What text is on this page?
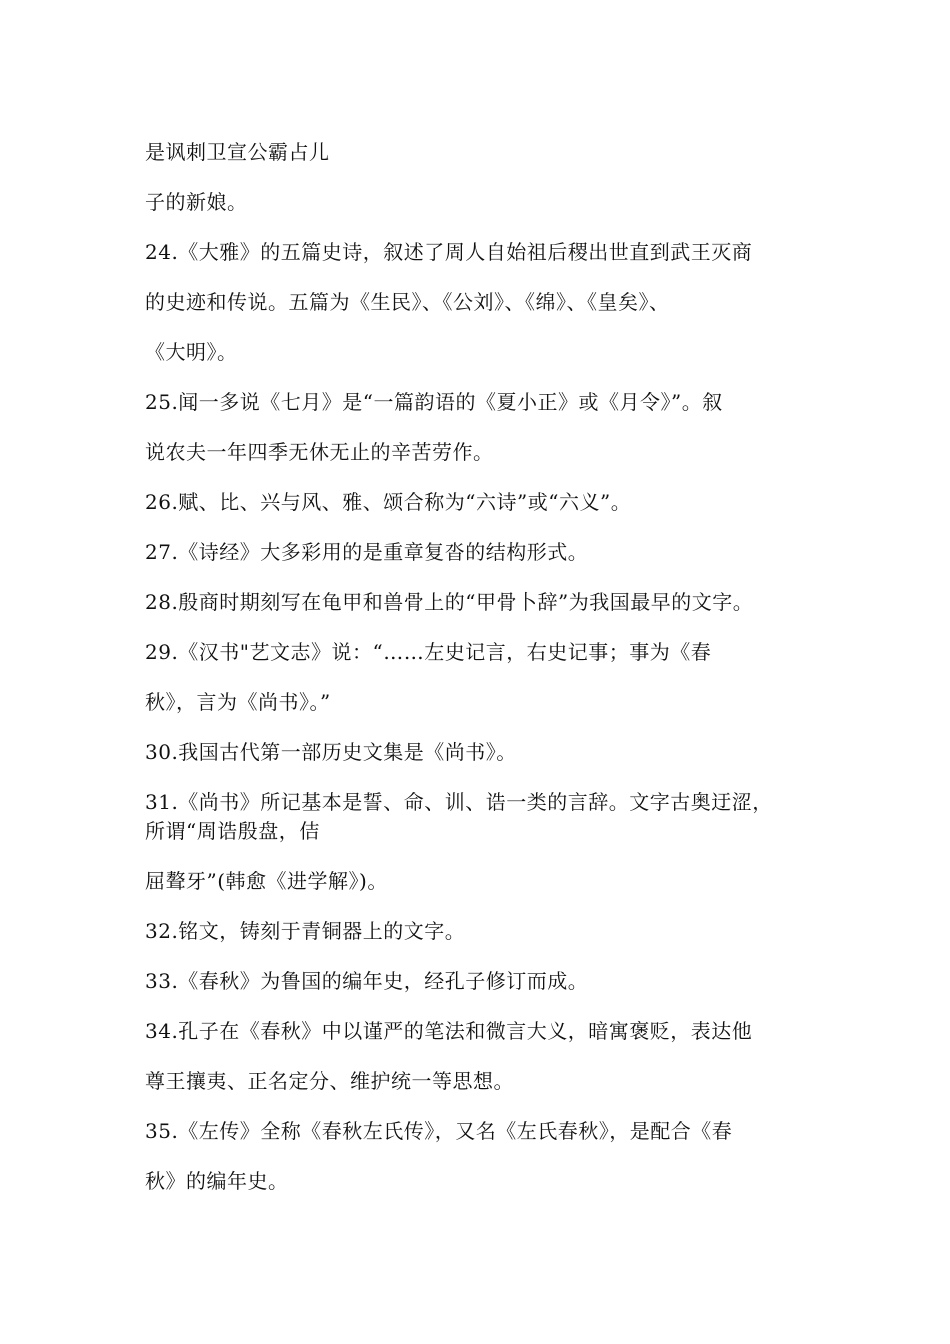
是讽刺卫宣公霸占儿
子的新娘。
24.《大雅》的五篇史诗，叙述了周人自始祖后稷出世直到武王灭商
的史迹和传说。五篇为《生民》、《公刘》、《绵》、《皇矣》、
《大明》。
25.闻一多说《七月》是“一篇韵语的《夏小正》或《月令》”。叙
说农夫一年四季无休无止的辛苦劳作。
26.赋、比、兴与风、雅、颂合称为“六诗”或“六义”。
27.《诗经》大多彩用的是重章复沓的结构形式。
28.殷商时期刻写在龟甲和兽骨上的“甲骨卜辞”为我国最早的文字。
29.《汉书"艺文志》说：“……左史记言，右史记事；事为《春
秋》，言为《尚书》。”
30.我国古代第一部历史文集是《尚书》。
31.《尚书》所记基本是誓、命、训、诰一类的言辞。文字古奥迂涩，
所谓“周诰殷盘，佶
屈聱牙”(韩愈《进学解》)。
32.铭文，铸刻于青铜器上的文字。
33.《春秋》为鲁国的编年史，经孔子修订而成。
34.孔子在《春秋》中以谨严的笔法和微言大义，暗寓褒贬，表达他
尊王攘夷、正名定分、维护统一等思想。
35.《左传》全称《春秋左氏传》，又名《左氏春秋》，是配合《春
秋》的编年史。
